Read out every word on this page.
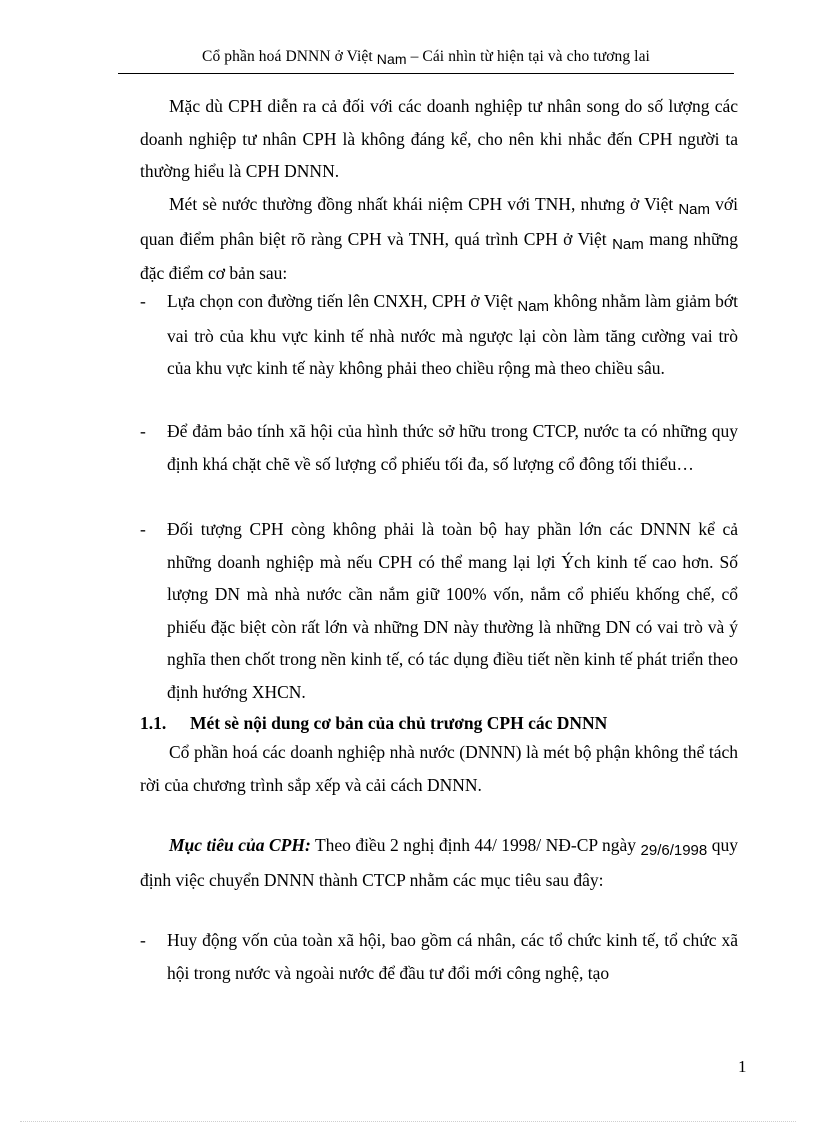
Cổ phần hoá DNNN ở Việt Nam – Cái nhìn từ hiện tại và cho tương lai
Mặc dù CPH diễn ra cả đối với các doanh nghiệp tư nhân song do số lượng các doanh nghiệp tư nhân CPH là không đáng kể, cho nên khi nhắc đến CPH người ta thường hiểu là CPH DNNN.
Mét sè nước thường đồng nhất khái niệm CPH với TNH, nhưng ở Việt Nam với quan điểm phân biệt rõ ràng CPH và TNH, quá trình CPH ở Việt Nam mang những đặc điểm cơ bản sau:
- Lựa chọn con đường tiến lên CNXH, CPH ở Việt Nam không nhằm làm giảm bớt vai trò của khu vực kinh tế nhà nước mà ngược lại còn làm tăng cường vai trò của khu vực kinh tế này không phải theo chiều rộng mà theo chiều sâu.
- Để đảm bảo tính xã hội của hình thức sở hữu trong CTCP, nước ta có những quy định khá chặt chẽ về số lượng cổ phiếu tối đa, số lượng cổ đông tối thiểu…
- Đối tượng CPH còng không phải là toàn bộ hay phần lớn các DNNN kể cả những doanh nghiệp mà nếu CPH có thể mang lại lợi Ých kinh tế cao hơn. Số lượng DN mà nhà nước cần nắm giữ 100% vốn, nắm cổ phiếu khống chế, cổ phiếu đặc biệt còn rất lớn và những DN này thường là những DN có vai trò và ý nghĩa then chốt trong nền kinh tế, có tác dụng điều tiết nền kinh tế phát triển theo định hướng XHCN.
1.1. Mét sè nội dung cơ bản của chủ trương CPH các DNNN
Cổ phần hoá các doanh nghiệp nhà nước (DNNN) là mét bộ phận không thể tách rời của chương trình sắp xếp và cải cách DNNN.
Mục tiêu của CPH: Theo điều 2 nghị định 44/ 1998/ NĐ-CP ngày 29/6/1998 quy định việc chuyển DNNN thành CTCP nhằm các mục tiêu sau đây:
- Huy động vốn của toàn xã hội, bao gồm cá nhân, các tổ chức kinh tế, tổ chức xã hội trong nước và ngoài nước để đầu tư đổi mới công nghệ, tạo
1
